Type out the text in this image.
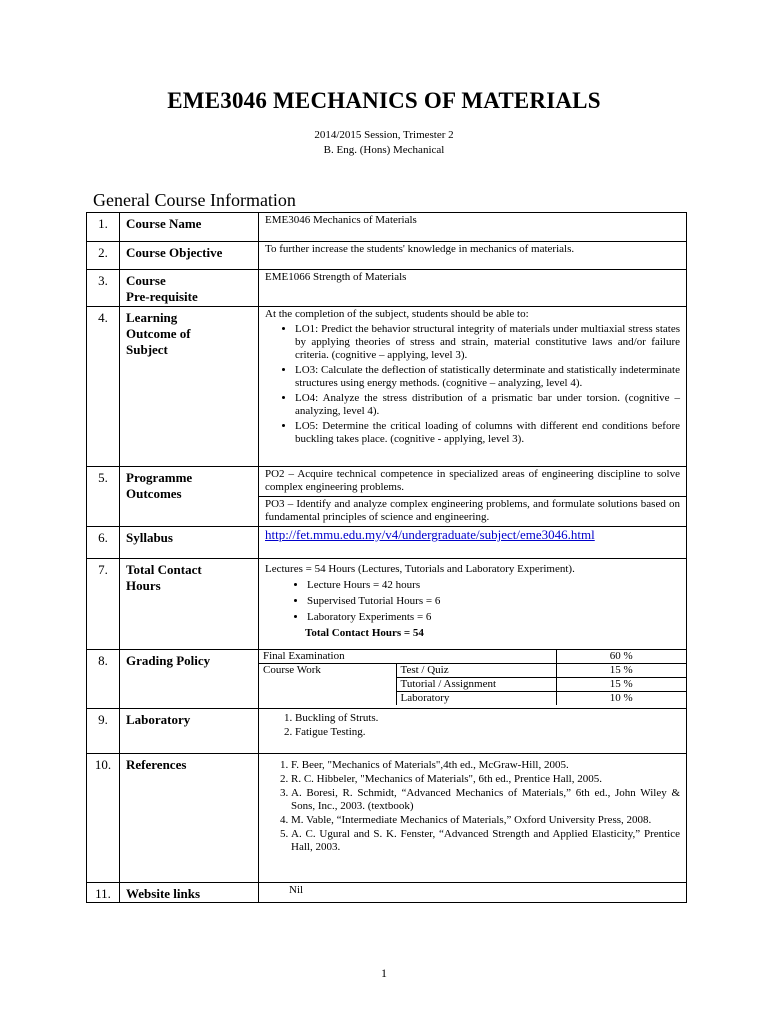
EME3046 MECHANICS OF MATERIALS
2014/2015 Session, Trimester 2
B. Eng. (Hons) Mechanical
General Course Information
1.	Course Name	EME3046 Mechanics of Materials
2.	Course Objective	To further increase the students' knowledge in mechanics of materials.
3.	Course
Pre-requisite
	EME1066 Strength of Materials
4.	Learning
Outcome of
Subject

At the completion of the subject, students should be able to:
• LO1: Predict the behavior structural integrity of materials under multiaxial stress states by applying theories of stress and strain, material constitutive laws and/or failure criteria. (cognitive – applying, level 3).
• LO3: Calculate the deflection of statistically determinate and statistically indeterminate structures using energy methods. (cognitive – analyzing, level 4).
• LO4: Analyze the stress distribution of a prismatic bar under torsion. (cognitive – analyzing, level 4).
• LO5: Determine the critical loading of columns with different end conditions before buckling takes place. (cognitive - applying, level 3).

5.	Programme
Outcomes

PO2 – Acquire technical competence in specialized areas of engineering discipline to solve complex engineering problems.
PO3 – Identify and analyze complex engineering problems, and formulate solutions based on fundamental principles of science and engineering.

6.	Syllabus	http://fet.mmu.edu.my/v4/undergraduate/subject/eme3046.html
7.	Total Contact
Hours

Lectures = 54 Hours (Lectures, Tutorials and Laboratory Experiment).
• Lecture Hours = 42 hours
• Supervised Tutorial Hours = 6
• Laboratory Experiments = 6
Total Contact Hours = 54

8.	Grading Policy		Final Examination	60 %
Course Work	Test / Quiz	15 %
Tutorial / Assignment	15 %
Laboratory	10 %

9.	Laboratory	
1.Buckling of Struts.
2. Fatigue Testing.

10.	References	
1.F. Beer, "Mechanics of Materials",4th ed., McGraw-Hill, 2005.
2. R. C. Hibbeler, "Mechanics of Materials", 6th ed., Prentice Hall, 2005.
3. A. Boresi, R. Schmidt, “Advanced Mechanics of Materials,” 6th ed., John Wiley & Sons, Inc., 2003. (textbook)
4. M. Vable, “Intermediate Mechanics of Materials,” Oxford University Press, 2008.
5. A. C. Ugural and S. K. Fenster, “Advanced Strength and Applied Elasticity,” Prentice Hall, 2003.

11.	Website links	Nil
1
